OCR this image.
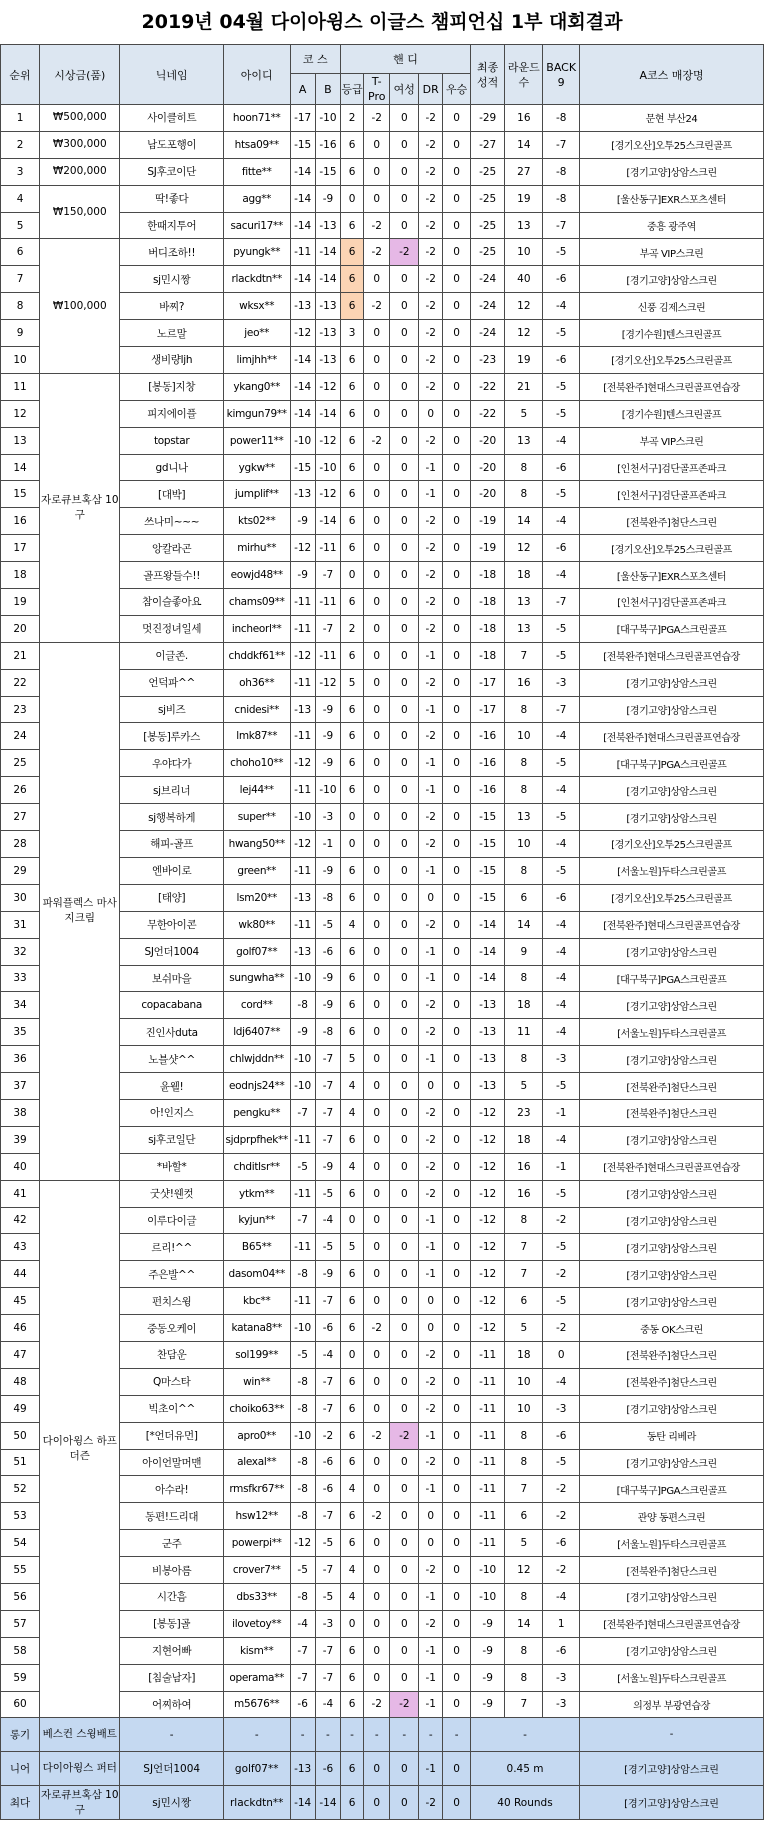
2019년 04월 다이아윙스 이글스 챔피언십 1부 대회결과
순위	시상금(품)	닉네임	아이디	코 스		핸 디					최종 성적	라운드 수	BACK 9	A코스 매장명
				A	B	등급	T-Pro	여성	DR	우승				
1	₩500,000	사이클히트	hoon71**	-17	-10	2	-2	0	-2	0	-29	16	-8	문현 부산24
2	₩300,000	남도포행이	htsa09**	-15	-16	6	0	0	-2	0	-27	14	-7	[경기오산]오투25스크린골프
3	₩200,000	SJ후코이단	fitte**	-14	-15	6	0	0	-2	0	-25	27	-8	[경기고양]상암스크린
4	₩150,000	딱!좋다	agg**	-14	-9	0	0	0	-2	0	-25	19	-8	[울산동구]EXR스포츠센터
5		한때지투어	sacuri17**	-14	-13	6	-2	0	-2	0	-25	13	-7	중흥 광주역
6	₩100,000	버디조하!!	pyungk**	-11	-14	6	-2	-2	-2	0	-25	10	-5	부곡 VIP스크린
7		sj민시짱	rlackdtn**	-14	-14	6	0	0	-2	0	-24	40	-6	[경기고양]상암스크린
8		바찌?	wksx**	-13	-13	6	-2	0	-2	0	-24	12	-4	신풍 김제스크린
9		노르말	jeo**	-12	-13	3	0	0	-2	0	-24	12	-5	[경기수원]텐스크린골프
10		생비량ljh	limjhh**	-14	-13	6	0	0	-2	0	-23	19	-6	[경기오산]오투25스크린골프
11	자로큐브혹삼 10구	[봉동]지창	ykang0**	-14	-12	6	0	0	-2	0	-22	21	-5	[전북완주]현대스크린골프연습장
12		피지에이플	kimgun79**	-14	-14	6	0	0	0	0	-22	5	-5	[경기수원]텐스크린골프
13		topstar	power11**	-10	-12	6	-2	0	-2	0	-20	13	-4	부곡 VIP스크린
14		gd니나	ygkw**	-15	-10	6	0	0	-1	0	-20	8	-6	[인천서구]검단골프존파크
15		[대박]	jumplif**	-13	-12	6	0	0	-1	0	-20	8	-5	[인천서구]검단골프존파크
16		쓰나미~~~	kts02**	-9	-14	6	0	0	-2	0	-19	14	-4	[전북완주]첨단스크린
17		앙칼라곤	mirhu**	-12	-11	6	0	0	-2	0	-19	12	-6	[경기오산]오투25스크린골프
18		골프왕들수!!	eowjd48**	-9	-7	0	0	0	-2	0	-18	18	-4	[울산동구]EXR스포츠센터
19		참이슬좋아요	chams09**	-11	-11	6	0	0	-2	0	-18	13	-7	[인천서구]검단골프존파크
20		멋진정녀일세	incheorl**	-11	-7	2	0	0	-2	0	-18	13	-5	[대구북구]PGA스크린골프
21	파워플렉스 마사지크림	이글존.	chddkf61**	-12	-11	6	0	0	-1	0	-18	7	-5	[전북완주]현대스크린골프연습장
22		언덕파^^	oh36**	-11	-12	5	0	0	-2	0	-17	16	-3	[경기고양]상암스크린
23		sj비즈	cnidesi**	-13	-9	6	0	0	-1	0	-17	8	-7	[경기고양]상암스크린
24		[봉동]루카스	lmk87**	-11	-9	6	0	0	-2	0	-16	10	-4	[전북완주]현대스크린골프연습장
25		우야다가	choho10**	-12	-9	6	0	0	-1	0	-16	8	-5	[대구북구]PGA스크린골프
26		sj브리너	lej44**	-11	-10	6	0	0	-1	0	-16	8	-4	[경기고양]상암스크린
27		sj행복하게	super**	-10	-3	0	0	0	-2	0	-15	13	-5	[경기고양]상암스크린
28		해피-골프	hwang50**	-12	-1	0	0	0	-2	0	-15	10	-4	[경기오산]오투25스크린골프
29		엔바이로	green**	-11	-9	6	0	0	-1	0	-15	8	-5	[서울노원]두타스크린골프
30		[태양]	lsm20**	-13	-8	6	0	0	0	0	-15	6	-6	[경기오산]오투25스크린골프
31		무한아이콘	wk80**	-11	-5	4	0	0	-2	0	-14	14	-4	[전북완주]현대스크린골프연습장
32		SJ언더1004	golf07**	-13	-6	6	0	0	-1	0	-14	9	-4	[경기고양]상암스크린
33		보쉬마을	sungwha**	-10	-9	6	0	0	-1	0	-14	8	-4	[대구북구]PGA스크린골프
34		copacabana	cord**	-8	-9	6	0	0	-2	0	-13	18	-4	[경기고양]상암스크린
35		진인사duta	ldj6407**	-9	-8	6	0	0	-2	0	-13	11	-4	[서울노원]두타스크린골프
36		노블샷^^	chlwjddn**	-10	-7	5	0	0	-1	0	-13	8	-3	[경기고양]상암스크린
37		윤웰!	eodnjs24**	-10	-7	4	0	0	0	0	-13	5	-5	[전북완주]첨단스크린
38		아!인지스	pengku**	-7	-7	4	0	0	-2	0	-12	23	-1	[전북완주]첨단스크린
39		sj후코일단	sjdprpfhek**	-11	-7	6	0	0	-2	0	-12	18	-4	[경기고양]상암스크린
40		*바할*	chditlsr**	-5	-9	4	0	0	-2	0	-12	16	-1	[전북완주]현대스크린골프연습장
41	다이아윙스 하프더즌	굿샷!웬컷	ytkm**	-11	-5	6	0	0	-2	0	-12	16	-5	[경기고양]상암스크린
42		이루다이글	kyjun**	-7	-4	0	0	0	-1	0	-12	8	-2	[경기고양]상암스크린
43		르리!^^	B65**	-11	-5	5	0	0	-1	0	-12	7	-5	[경기고양]상암스크린
44		주은발^^	dasom04**	-8	-9	6	0	0	-1	0	-12	7	-2	[경기고양]상암스크린
45		펀치스윙	kbc**	-11	-7	6	0	0	0	0	-12	6	-5	[경기고양]상암스크린
46		중동오케이	katana8**	-10	-6	6	-2	0	0	0	-12	5	-2	중동 OK스크린
47		찬담운	sol199**	-5	-4	0	0	0	-2	0	-11	18	0	[전북완주]첨단스크린
48		Q마스타	win**	-8	-7	6	0	0	-2	0	-11	10	-4	[전북완주]첨단스크린
49		빅초이^^	choiko63**	-8	-7	6	0	0	-2	0	-11	10	-3	[경기고양]상암스크린
50		[*언더유먼]	apro0**	-10	-2	6	-2	-2	-1	0	-11	8	-6	동탄 리베라
51		아이언말머맨	alexal**	-8	-6	6	0	0	-2	0	-11	8	-5	[경기고양]상암스크린
52		아수라!	rmsfkr67**	-8	-6	4	0	0	-1	0	-11	7	-2	[대구북구]PGA스크린골프
53		동편!드리대	hsw12**	-8	-7	6	-2	0	0	0	-11	6	-2	관양 동편스크린
54		군주	powerpi**	-12	-5	6	0	0	0	0	-11	5	-6	[서울노원]두타스크린골프
55		비봉아름	crover7**	-5	-7	4	0	0	-2	0	-10	12	-2	[전북완주]첨단스크린
56		시간흠	dbs33**	-8	-5	4	0	0	-1	0	-10	8	-4	[경기고양]상암스크린
57		[봉동]골	ilovetoy**	-4	-3	0	0	0	-2	0	-9	14	1	[전북완주]현대스크린골프연습장
58		지현어빠	kism**	-7	-7	6	0	0	-1	0	-9	8	-6	[경기고양]상암스크린
59		[침술남자]	operama**	-7	-7	6	0	0	-1	0	-9	8	-3	[서울노원]두타스크린골프
60		어찌하여	m5676**	-6	-4	6	-2	-2	-1	0	-9	7	-3	의정부 부광연습장
롱기	베스컨 스윙배트	-	-	-	-	-	-	-	-	-	-			-
니어	다이아윙스 퍼터	SJ언더1004	golf07**	-13	-6	6	0	0	-1	0	0.45 m			[경기고양]상암스크린
최다	자로큐브혹삼 10구	sj민시짱	rlackdtn**	-14	-14	6	0	0	-2	0	40 Rounds			[경기고양]상암스크린
